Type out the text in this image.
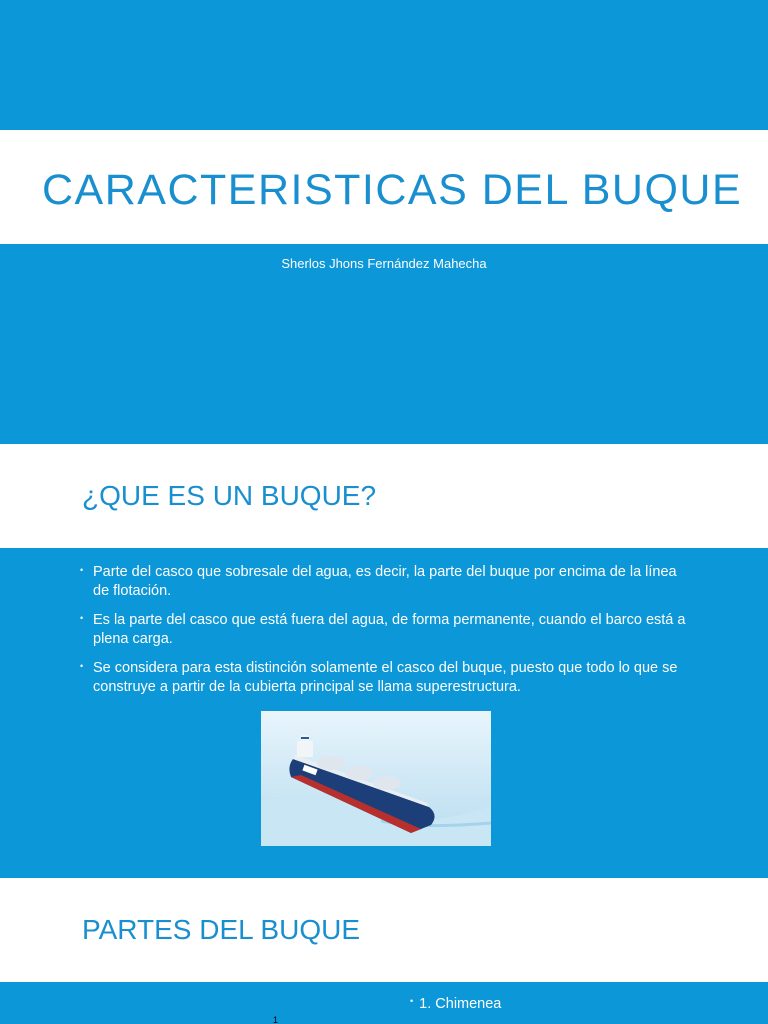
CARACTERISTICAS DEL BUQUE
Sherlos Jhons Fernández Mahecha
¿QUE ES UN BUQUE?
• Parte del casco que sobresale del agua, es decir, la parte del buque por encima de la línea de flotación.
• Es la parte del casco que está fuera del agua, de forma permanente, cuando el barco está a plena carga.
• Se considera para esta distinción solamente el casco del buque, puesto que todo lo que se construye a partir de la cubierta principal se llama superestructura.
PARTES DEL BUQUE
• 1. Chimenea
1
